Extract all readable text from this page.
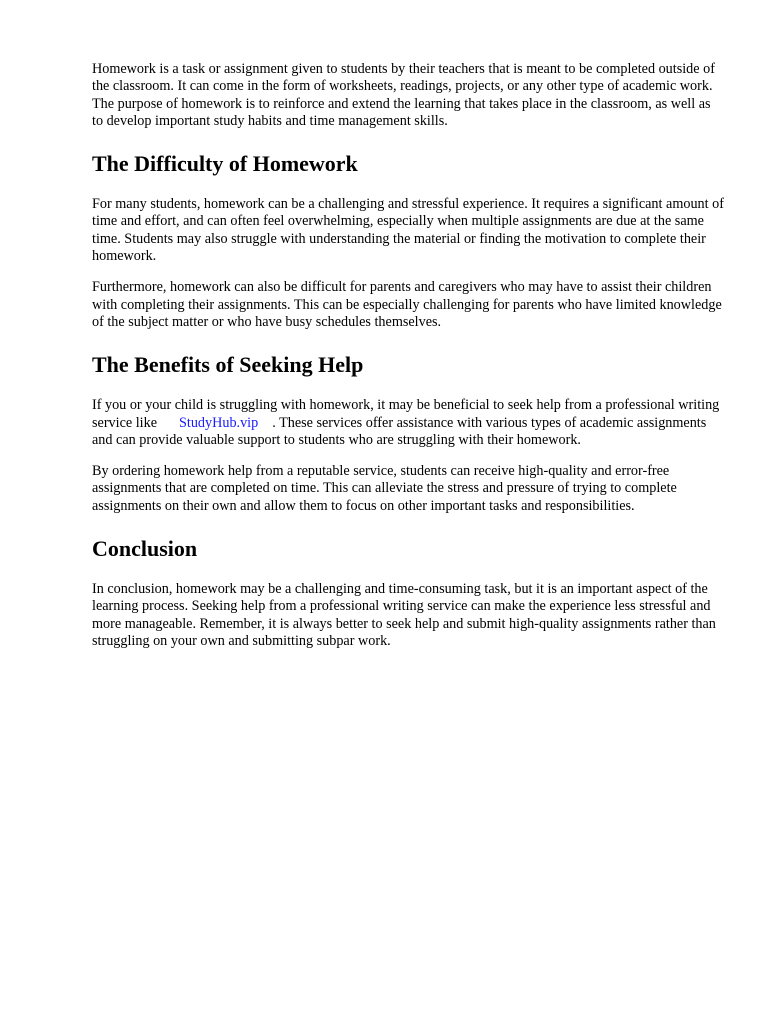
Homework is a task or assignment given to students by their teachers that is meant to be completed outside of the classroom. It can come in the form of worksheets, readings, projects, or any other type of academic work. The purpose of homework is to reinforce and extend the learning that takes place in the classroom, as well as to develop important study habits and time management skills.

The Difficulty of Homework

For many students, homework can be a challenging and stressful experience. It requires a significant amount of time and effort, and can often feel overwhelming, especially when multiple assignments are due at the same time. Students may also struggle with understanding the material or finding the motivation to complete their homework.

Furthermore, homework can also be difficult for parents and caregivers who may have to assist their children with completing their assignments. This can be especially challenging for parents who have limited knowledge of the subject matter or who have busy schedules themselves.

The Benefits of Seeking Help

If you or your child is struggling with homework, it may be beneficial to seek help from a professional writing service like StudyHub.vip . These services offer assistance with various types of academic assignments and can provide valuable support to students who are struggling with their homework.

By ordering homework help from a reputable service, students can receive high-quality and error-free assignments that are completed on time. This can alleviate the stress and pressure of trying to complete assignments on their own and allow them to focus on other important tasks and responsibilities.

Conclusion

In conclusion, homework may be a challenging and time-consuming task, but it is an important aspect of the learning process. Seeking help from a professional writing service can make the experience less stressful and more manageable. Remember, it is always better to seek help and submit high-quality assignments rather than struggling on your own and submitting subpar work.
